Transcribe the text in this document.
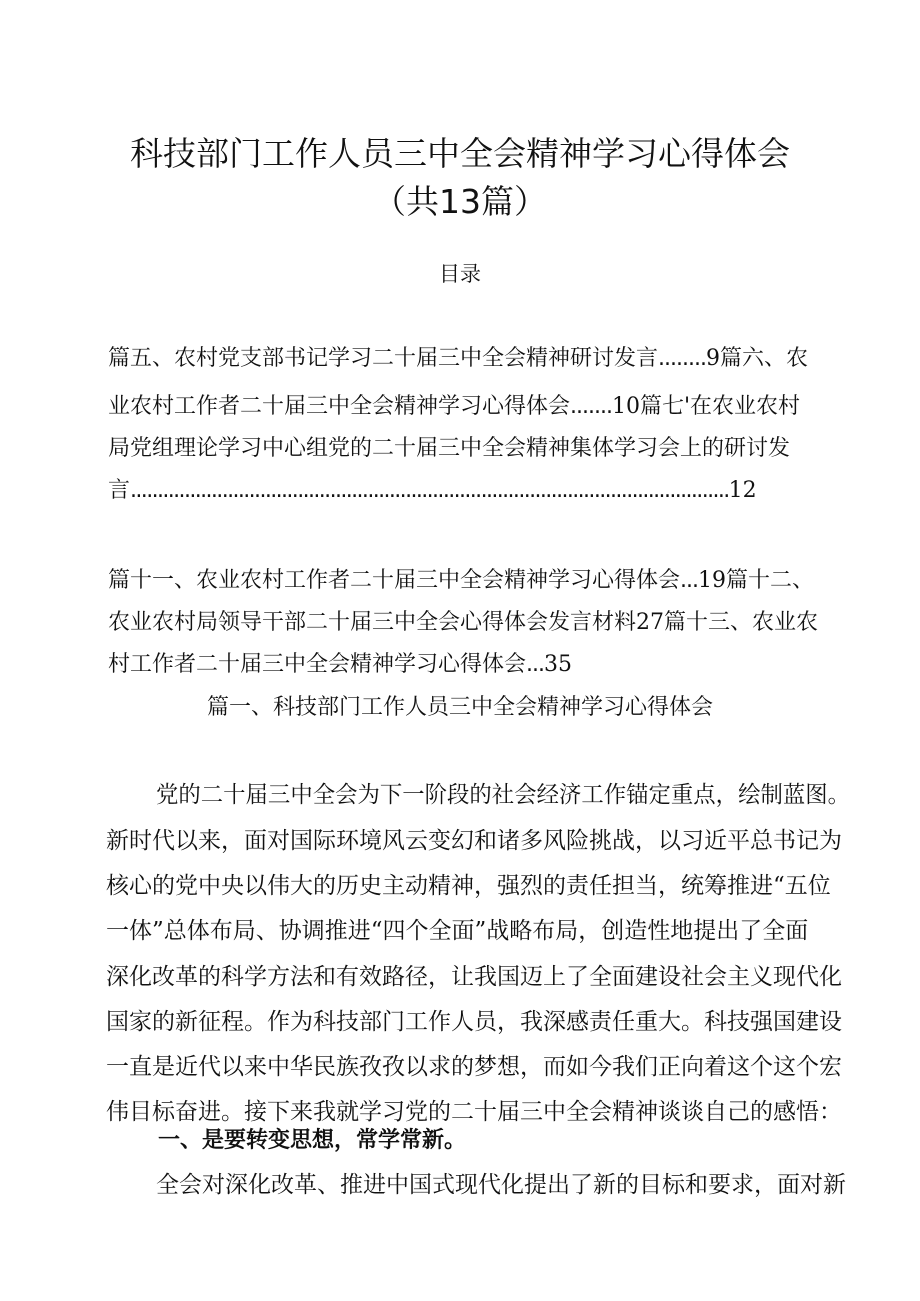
科技部门工作人员三中全会精神学习心得体会
（共13篇）
目录
篇五、农村党支部书记学习二十届三中全会精神研讨发言........9篇六、农
业农村工作者二十届三中全会精神学习心得体会.......10篇七'在农业农村
局党组理论学习中心组党的二十届三中全会精神集体学习会上的研讨发
言...............................................................................................................12
篇十一、农业农村工作者二十届三中全会精神学习心得体会...19篇十二、
农业农村局领导干部二十届三中全会心得体会发言材料27篇十三、农业农
村工作者二十届三中全会精神学习心得体会...35
篇一、科技部门工作人员三中全会精神学习心得体会
党的二十届三中全会为下一阶段的社会经济工作锚定重点，绘制蓝图。
新时代以来，面对国际环境风云变幻和诸多风险挑战，以习近平总书记为
核心的党中央以伟大的历史主动精神，强烈的责任担当，统筹推进“五位
一体”总体布局、协调推进“四个全面”战略布局，创造性地提出了全面
深化改革的科学方法和有效路径，让我国迈上了全面建设社会主义现代化
国家的新征程。作为科技部门工作人员，我深感责任重大。科技强国建设
一直是近代以来中华民族孜孜以求的梦想，而如今我们正向着这个这个宏
伟目标奋进。接下来我就学习党的二十届三中全会精神谈谈自己的感悟：
一、是要转变思想，常学常新。
全会对深化改革、推进中国式现代化提出了新的目标和要求，面对新
